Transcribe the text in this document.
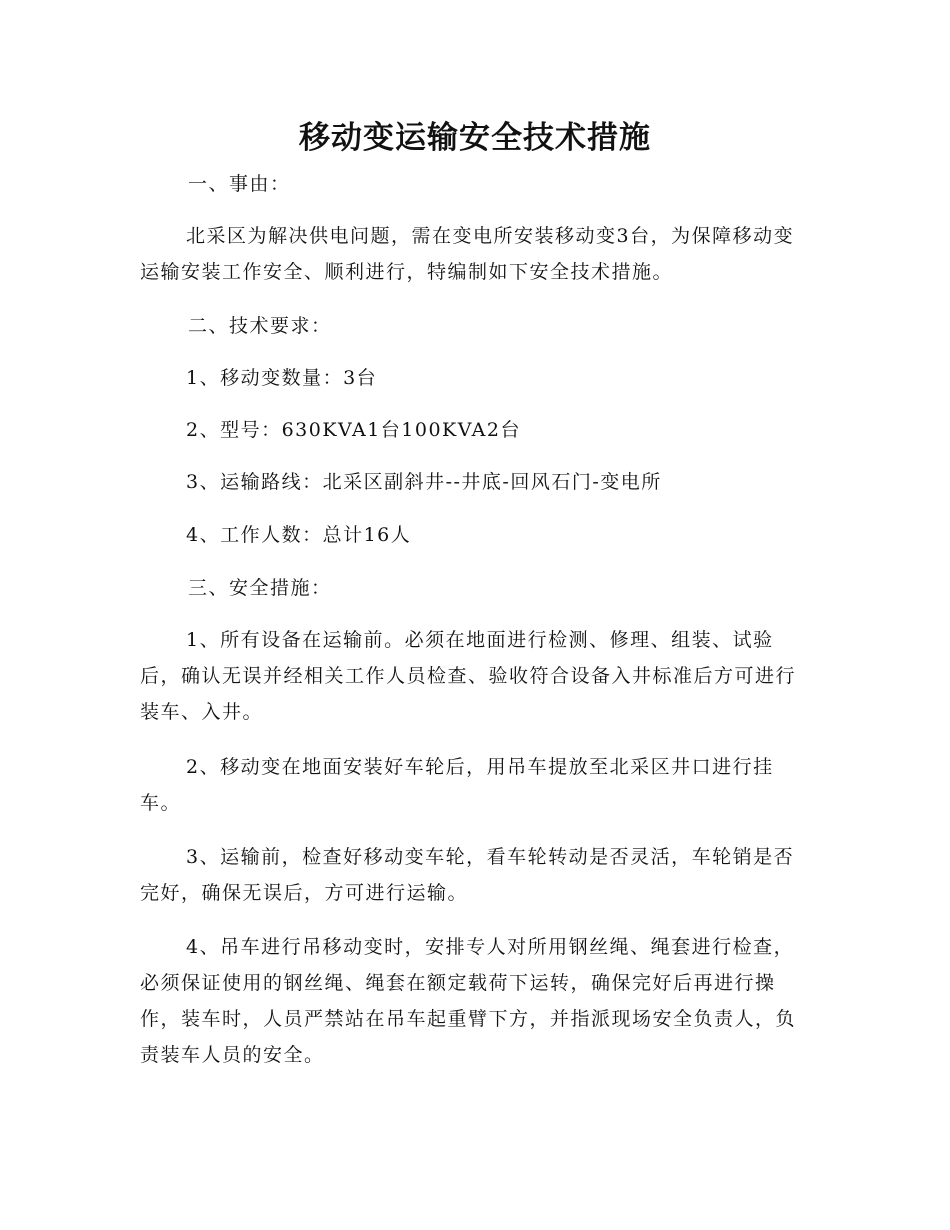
移动变运输安全技术措施

一、事由：

北采区为解决供电问题，需在变电所安装移动变3台，为保障移动变运输安装工作安全、顺利进行，特编制如下安全技术措施。

二、技术要求：

1、移动变数量：3台

2、型号：630KVA1台100KVA2台

3、运输路线：北采区副斜井--井底-回风石门-变电所

4、工作人数：总计16人

三、安全措施：

1、所有设备在运输前。必须在地面进行检测、修理、组装、试验后，确认无误并经相关工作人员检查、验收符合设备入井标准后方可进行装车、入井。

2、移动变在地面安装好车轮后，用吊车提放至北采区井口进行挂车。

3、运输前，检查好移动变车轮，看车轮转动是否灵活，车轮销是否完好，确保无误后，方可进行运输。

4、吊车进行吊移动变时，安排专人对所用钢丝绳、绳套进行检查，必须保证使用的钢丝绳、绳套在额定载荷下运转，确保完好后再进行操作，装车时，人员严禁站在吊车起重臂下方，并指派现场安全负责人，负责装车人员的安全。
